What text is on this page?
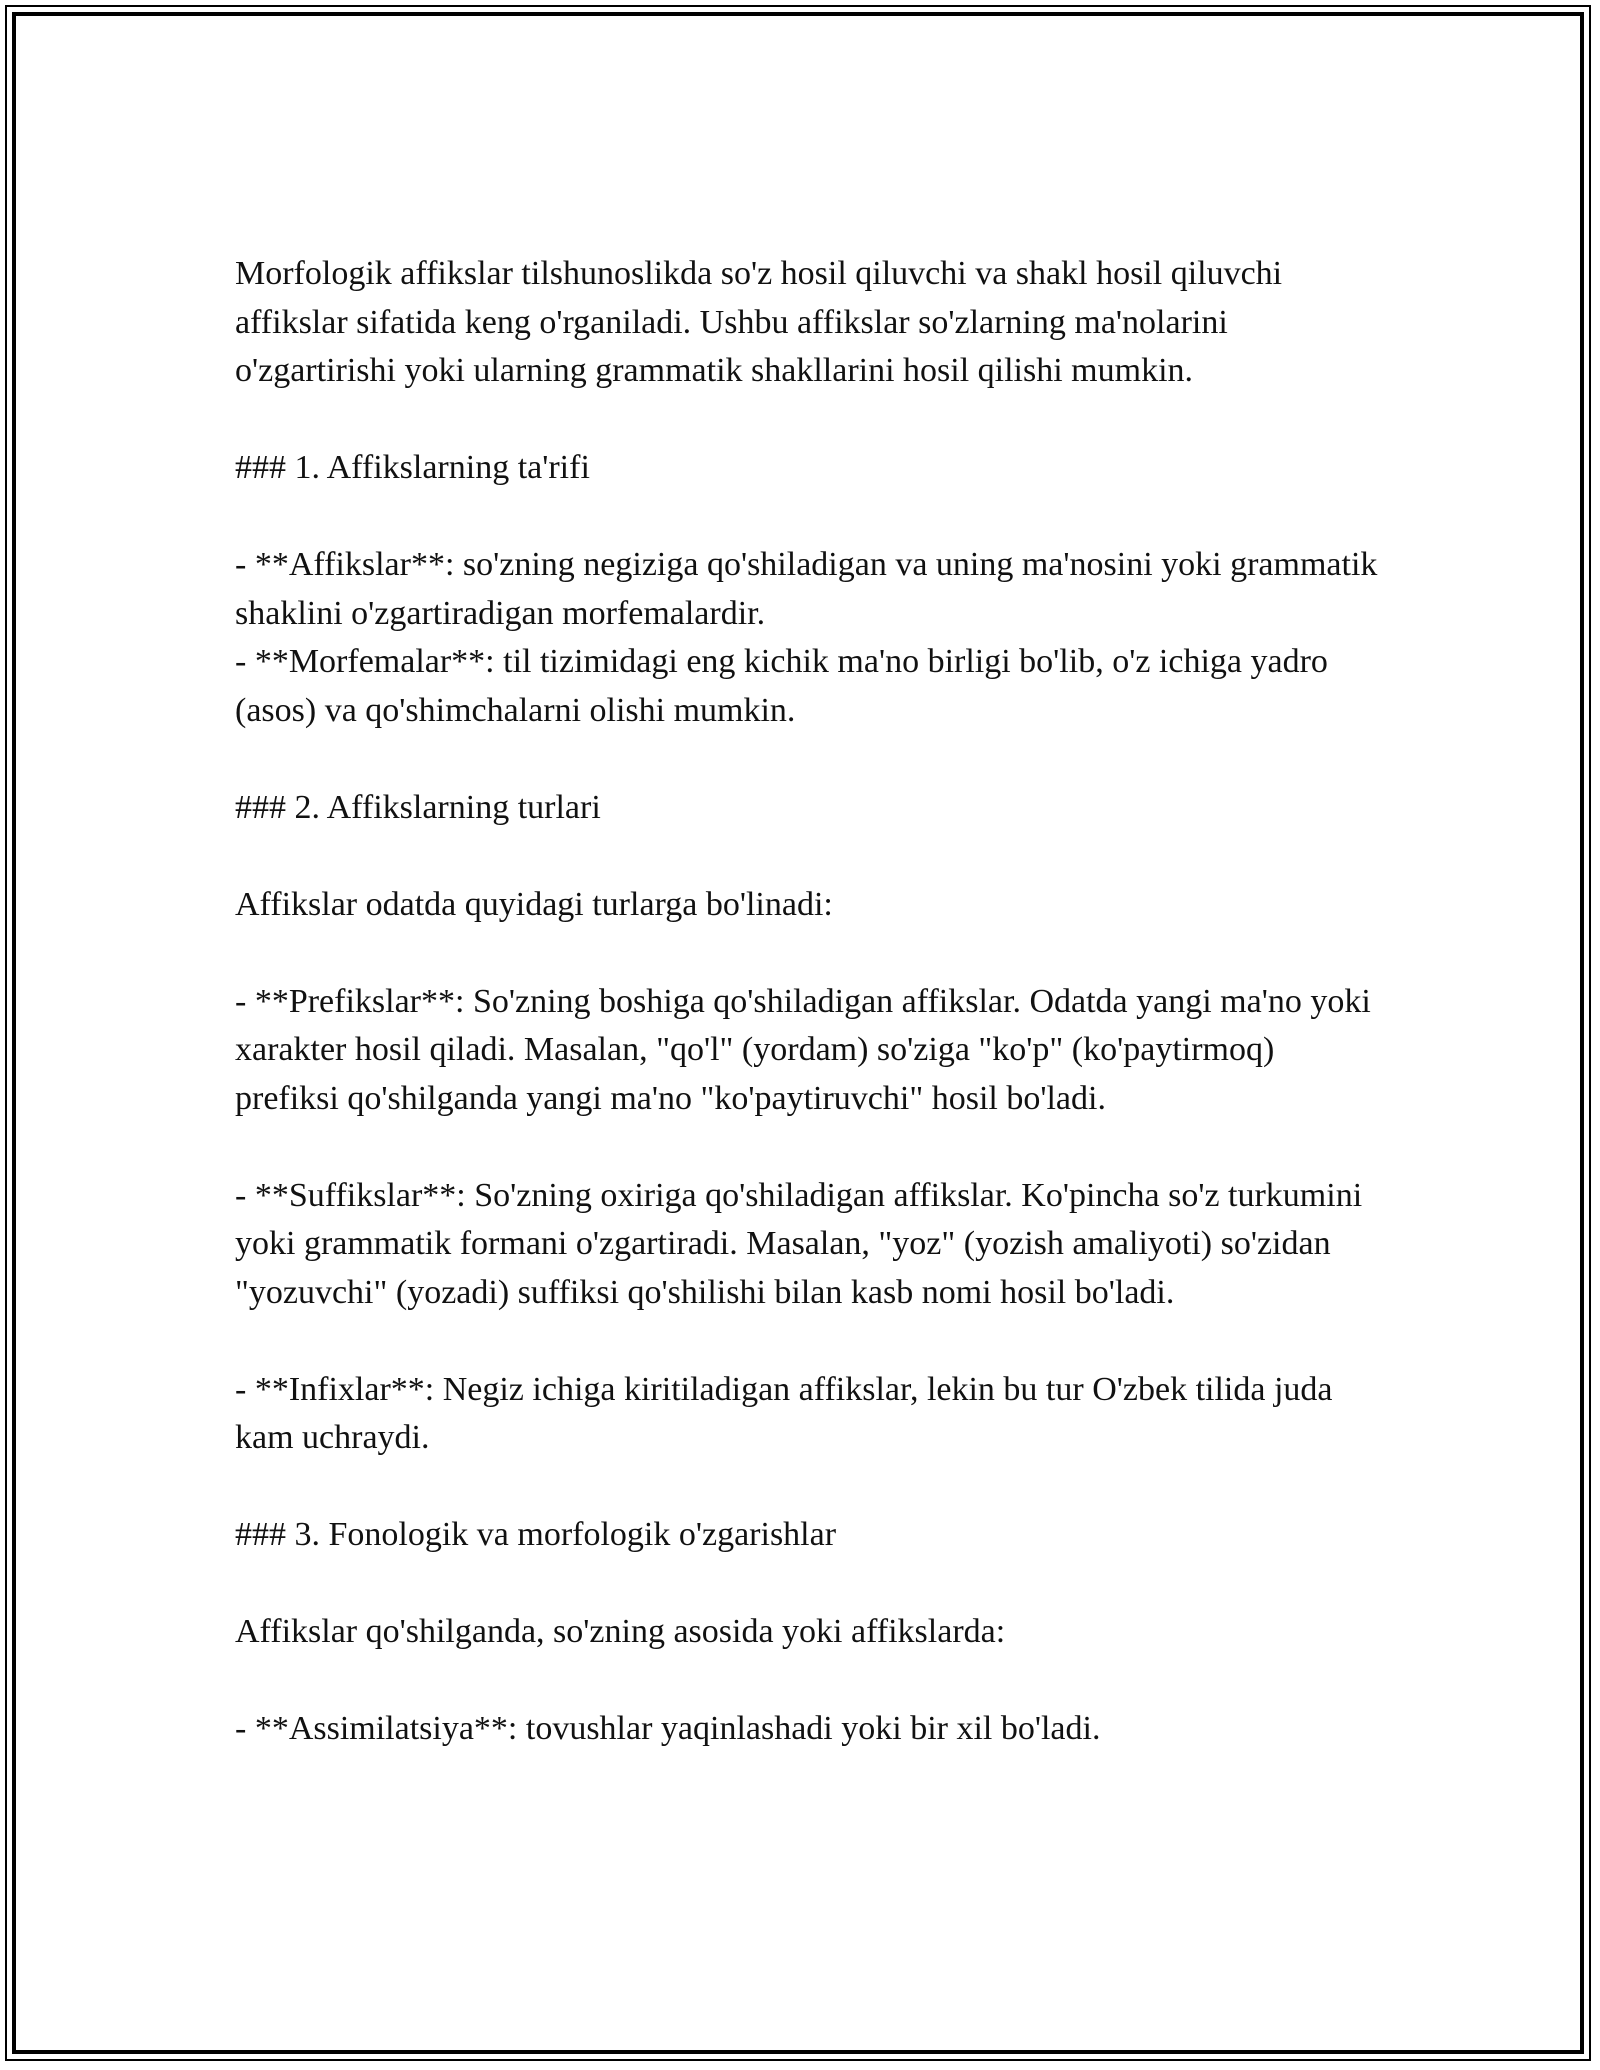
Morfologik affikslar tilshunoslikda so'z hosil qiluvchi va shakl hosil qiluvchi affikslar sifatida keng o'rganiladi. Ushbu affikslar so'zlarning ma'nolarini o'zgartirishi yoki ularning grammatik shakllarini hosil qilishi mumkin.

### 1. Affikslarning ta'rifi

- **Affikslar**: so'zning negiziga qo'shiladigan va uning ma'nosini yoki grammatik shaklini o'zgartiradigan morfemalardir.

- **Morfemalar**: til tizimidagi eng kichik ma'no birligi bo'lib, o'z ichiga yadro (asos) va qo'shimchalarni olishi mumkin.

### 2. Affikslarning turlari

Affikslar odatda quyidagi turlarga bo'linadi:

- **Prefikslar**: So'zning boshiga qo'shiladigan affikslar. Odatda yangi ma'no yoki xarakter hosil qiladi. Masalan, "qo'l" (yordam) so'ziga "ko'p" (ko'paytirmoq) prefiksi qo'shilganda yangi ma'no "ko'paytiruvchi" hosil bo'ladi.

- **Suffikslar**: So'zning oxiriga qo'shiladigan affikslar. Ko'pincha so'z turkumini yoki grammatik formani o'zgartiradi. Masalan, "yoz" (yozish amaliyoti) so'zidan "yozuvchi" (yozadi) suffiksi qo'shilishi bilan kasb nomi hosil bo'ladi.

- **Infixlar**: Negiz ichiga kiritiladigan affikslar, lekin bu tur O'zbek tilida juda kam uchraydi.

### 3. Fonologik va morfologik o'zgarishlar

Affikslar qo'shilganda, so'zning asosida yoki affikslarda:

- **Assimilatsiya**: tovushlar yaqinlashadi yoki bir xil bo'ladi.
